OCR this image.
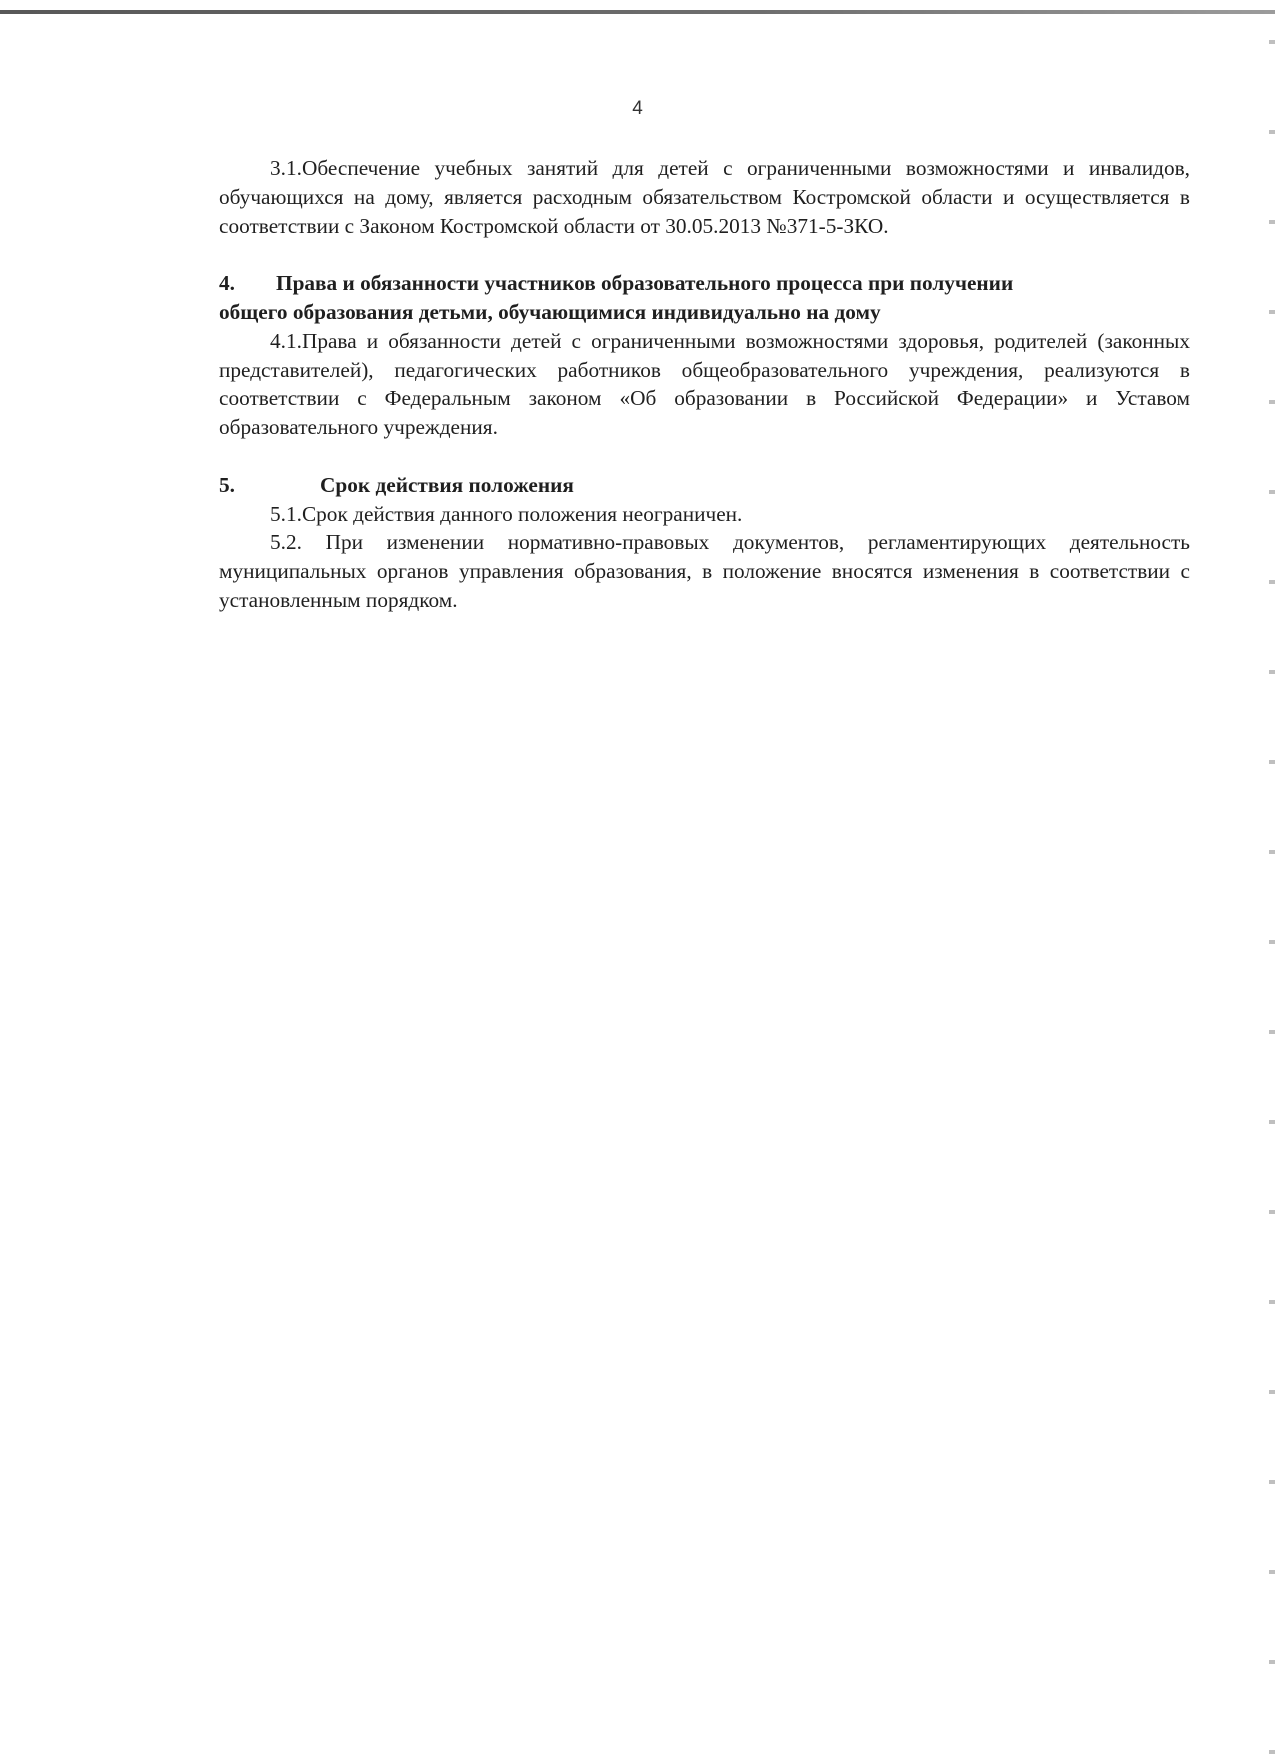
4

3.1.Обеспечение учебных занятий для детей с ограниченными возможностями и инвалидов, обучающихся на дому, является расходным обязательством Костромской области и осуществляется в соответствии с Законом Костромской области от 30.05.2013 №371-5-ЗКО.

4.	Права и обязанности участников образовательного процесса при получении
общего образования детьми, обучающимися индивидуально на дому

4.1.Права и обязанности детей с ограниченными возможностями здоровья, родителей (законных представителей), педагогических работников общеобразовательного учреждения, реализуются в соответствии с Федеральным законом «Об образовании в Российской Федерации» и Уставом образовательного учреждения.

5.	Срок действия положения

5.1.Срок действия данного положения неограничен.

5.2. При изменении нормативно-правовых документов, регламентирующих деятельность муниципальных органов управления образования, в положение вносятся изменения в соответствии с установленным порядком.
